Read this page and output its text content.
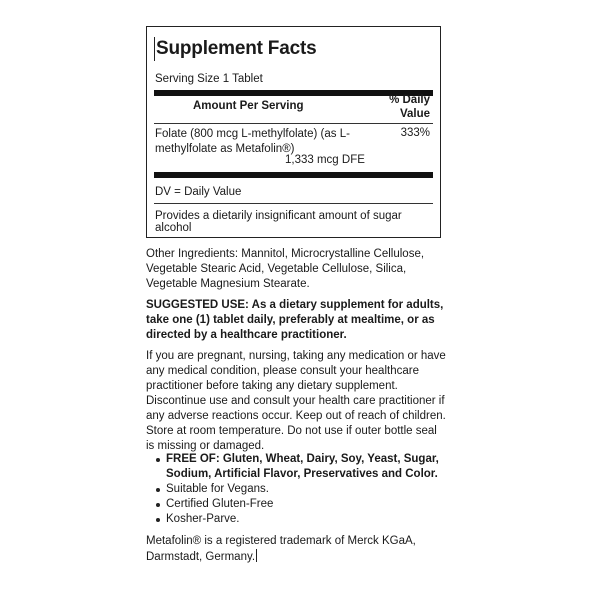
Supplement Facts
Serving Size 1 Tablet
Amount Per Serving	% Daily
Value
Folate (800 mcg L-methylfolate) (as L-methylfolate as Metafolin®)
333%
1,333 mcg DFE
DV = Daily Value
Provides a dietarily insignificant amount of sugar alcohol
Other Ingredients: Mannitol, Microcrystalline Cellulose, Vegetable Stearic Acid, Vegetable Cellulose, Silica, Vegetable Magnesium Stearate.
SUGGESTED USE: As a dietary supplement for adults, take one (1) tablet daily, preferably at mealtime, or as directed by a healthcare practitioner.
If you are pregnant, nursing, taking any medication or have any medical condition, please consult your healthcare practitioner before taking any dietary supplement. Discontinue use and consult your health care practitioner if any adverse reactions occur. Keep out of reach of children. Store at room temperature. Do not use if outer bottle seal is missing or damaged.
FREE OF: Gluten, Wheat, Dairy, Soy, Yeast, Sugar, Sodium, Artificial Flavor, Preservatives and Color.
Suitable for Vegans.
Certified Gluten-Free
Kosher-Parve.
Metafolin® is a registered trademark of Merck KGaA, Darmstadt, Germany.
